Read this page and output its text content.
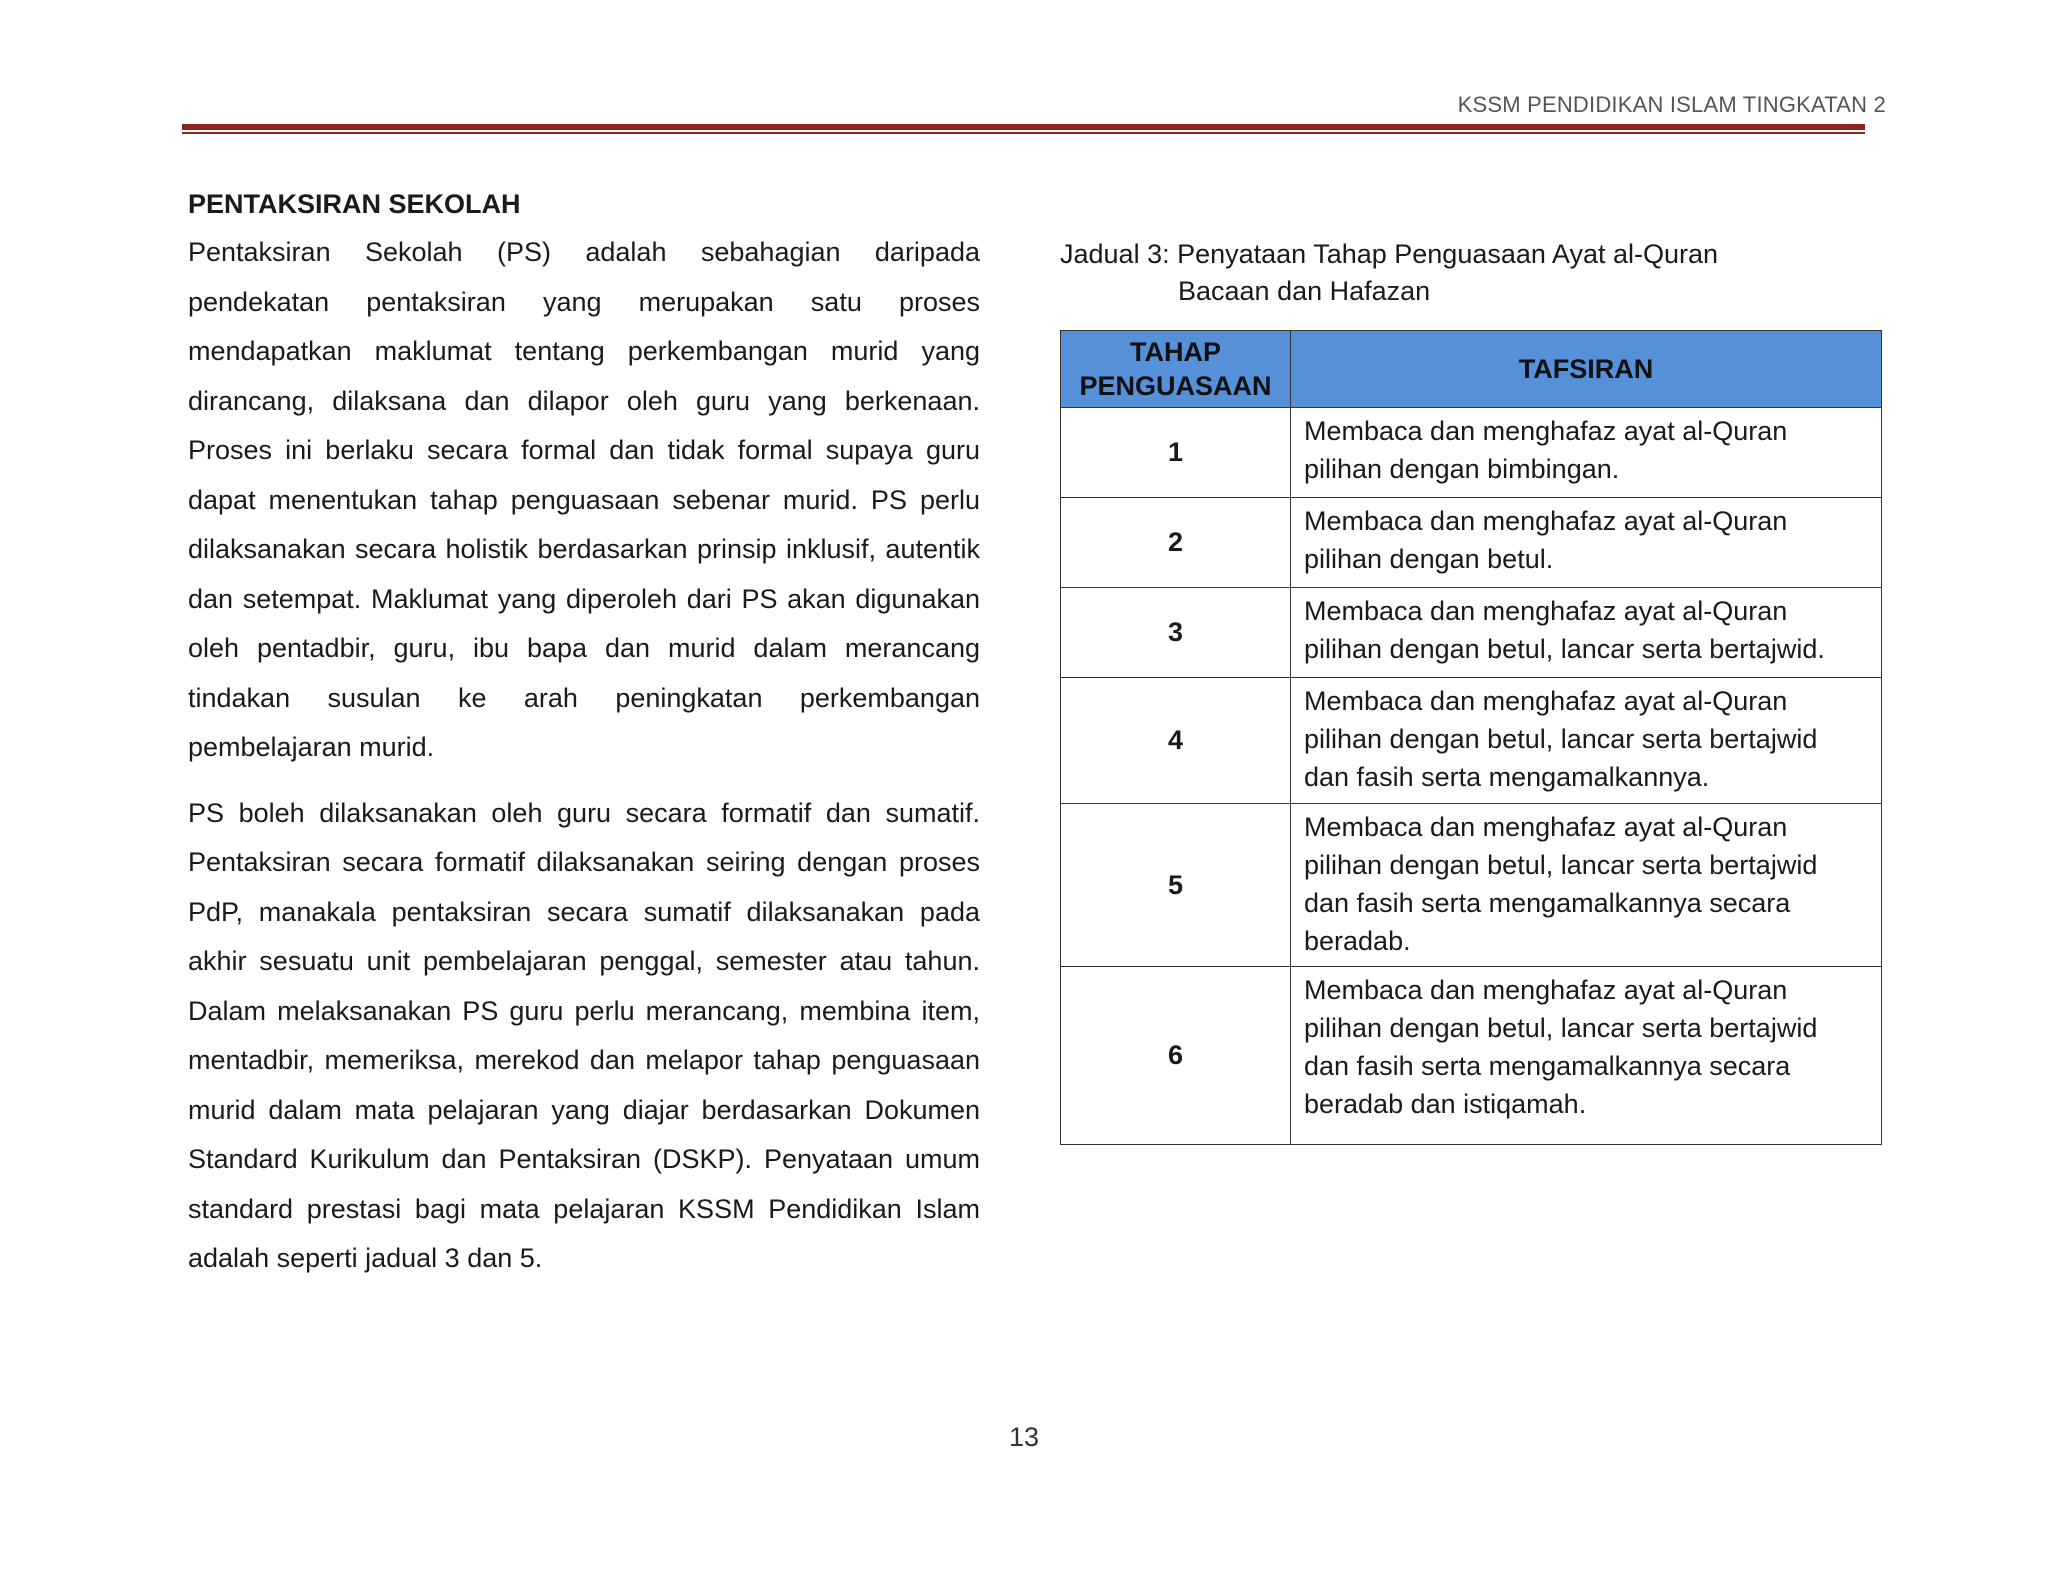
KSSM PENDIDIKAN ISLAM TINGKATAN 2
PENTAKSIRAN SEKOLAH

Pentaksiran Sekolah (PS) adalah sebahagian daripada pendekatan pentaksiran yang merupakan satu proses mendapatkan maklumat tentang perkembangan murid yang dirancang, dilaksana dan dilapor oleh guru yang berkenaan. Proses ini berlaku secara formal dan tidak formal supaya guru dapat menentukan tahap penguasaan sebenar murid. PS perlu dilaksanakan secara holistik berdasarkan prinsip inklusif, autentik dan setempat. Maklumat yang diperoleh dari PS akan digunakan oleh pentadbir, guru, ibu bapa dan murid dalam merancang tindakan susulan ke arah peningkatan perkembangan pembelajaran murid.

PS boleh dilaksanakan oleh guru secara formatif dan sumatif. Pentaksiran secara formatif dilaksanakan seiring dengan proses PdP, manakala pentaksiran secara sumatif dilaksanakan pada akhir sesuatu unit pembelajaran penggal, semester atau tahun. Dalam melaksanakan PS guru perlu merancang, membina item, mentadbir, memeriksa, merekod dan melapor tahap penguasaan murid dalam mata pelajaran yang diajar berdasarkan Dokumen Standard Kurikulum dan Pentaksiran (DSKP). Penyataan umum standard prestasi bagi mata pelajaran KSSM Pendidikan Islam adalah seperti jadual 3 dan 5.

Jadual 3: Penyataan Tahap Penguasaan Ayat al-Quran
Bacaan dan Hafazan

TAHAP
PENGUASAAN	TAFSIRAN
1	Membaca dan menghafaz ayat al-Quran pilihan dengan bimbingan.
2	Membaca dan menghafaz ayat al-Quran pilihan dengan betul.
3	Membaca dan menghafaz ayat al-Quran pilihan dengan betul, lancar serta bertajwid.
4	Membaca dan menghafaz ayat al-Quran pilihan dengan betul, lancar serta bertajwid dan fasih serta mengamalkannya.
5	Membaca dan menghafaz ayat al-Quran pilihan dengan betul, lancar serta bertajwid dan fasih serta mengamalkannya secara beradab.
6	Membaca dan menghafaz ayat al-Quran pilihan dengan betul, lancar serta bertajwid dan fasih serta mengamalkannya secara beradab dan istiqamah.
13
